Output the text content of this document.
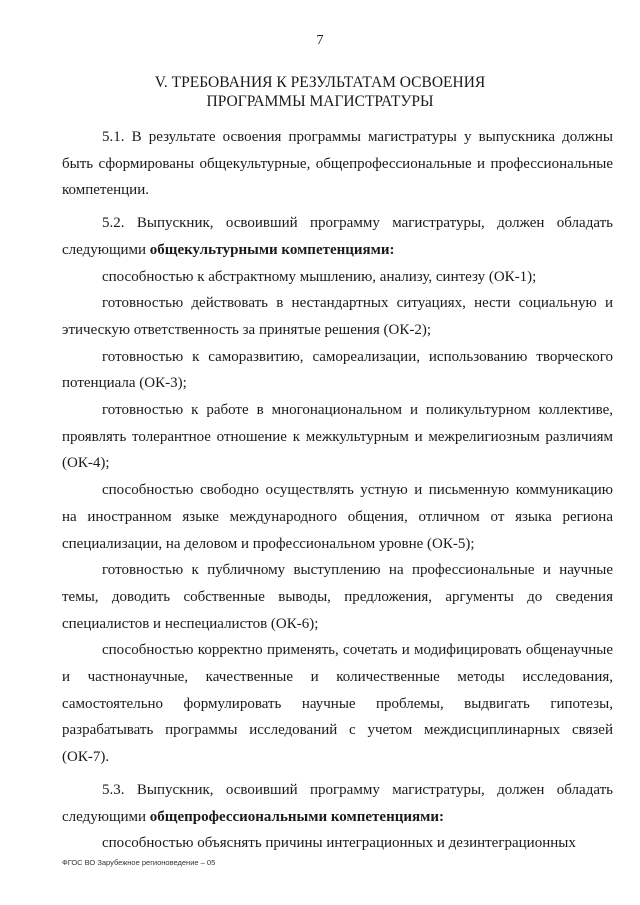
7
V. ТРЕБОВАНИЯ К РЕЗУЛЬТАТАМ ОСВОЕНИЯ
ПРОГРАММЫ МАГИСТРАТУРЫ

5.1. В результате освоения программы магистратуры у выпускника должны быть сформированы общекультурные, общепрофессиональные и профессиональные компетенции.

5.2. Выпускник, освоивший программу магистратуры, должен обладать следующими общекультурными компетенциями:

способностью к абстрактному мышлению, анализу, синтезу (ОК-1);

готовностью действовать в нестандартных ситуациях, нести социальную и этическую ответственность за принятые решения (ОК-2);

готовностью к саморазвитию, самореализации, использованию творческого потенциала (ОК-3);

готовностью к работе в многонациональном и поликультурном коллективе, проявлять толерантное отношение к межкультурным и межрелигиозным различиям (ОК-4);

способностью свободно осуществлять устную и письменную коммуникацию на иностранном языке международного общения, отличном от языка региона специализации, на деловом и профессиональном уровне (ОК-5);

готовностью к публичному выступлению на профессиональные и научные темы, доводить собственные выводы, предложения, аргументы до сведения специалистов и неспециалистов (ОК-6);

способностью корректно применять, сочетать и модифицировать общенаучные и частнонаучные, качественные и количественные методы исследования, самостоятельно формулировать научные проблемы, выдвигать гипотезы, разрабатывать программы исследований с учетом междисциплинарных связей (ОК-7).

5.3. Выпускник, освоивший программу магистратуры, должен обладать следующими общепрофессиональными компетенциями:

способностью объяснять причины интеграционных и дезинтеграционных

ФГОС ВО Зарубежное регионоведение – 05
